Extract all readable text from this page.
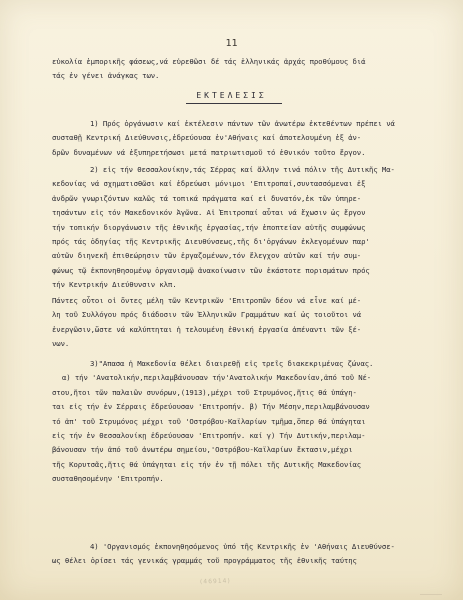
11
εὐκολία ἐμπορικῆς φάσεως,νά εὐρεθῶσι δέ τάς ἑλληνικάς ἀρχάς προθύμους διά
τάς ἐν γένει ἀνάγκας των.
ΕΚΤΕΛΕΣΙΣ
1) Πρός ὀργάνωσιν καί ἐκτέλεσιν πάντων τῶν ἀνωτέρω ἐκτεθέντων πρέπει νά
συσταθῇ Κεντρική Διεύθυνσις,ἐδρεύουσα ἐν'Αθήναις καί ἀποτελουμένη ἐξ ἀν-
δρῶν δυναμένων νά ἐξυπηρετήσωσι μετά πατριωτισμοῦ τό ἐθνικόν τοῦτο ἔργον.
2) εἰς τήν Θεσσαλονίκην,τάς Σέρρας καί ἄλλην τινά πόλιν τῆς Δυτικῆς Μα-
κεδονίας νά σχηματισθῶσι καί ἐδρεύωσι μόνιμοι 'Επιτροπαί,συντασσόμεναι ἐξ
ἀνδρῶν γνωριζόντων καλῶς τά τοπικά πράγματα καί εἰ δυνατόν,ἐκ τῶν ὑπηρε-
τησάντων εἰς τόν Μακεδονικόν Ἀγῶνα. Αἱ Ἐπιτροπαί αὗται νά ἔχωσιν ὡς ἔργον
τήν τοπικήν διοργάνωσιν τῆς ἐθνικῆς ἐργασίας,τήν ἐποπτείαν αὐτῆς συμφώνως
πρός τάς ὁδηγίας τῆς Κεντρικῆς Διευθύνσεως,τῆς δι'ὀργάνων ἐκλεγομένων παρ'
αὐτῶν διηνεκῆ ἐπιθεώρησιν τῶν ἐργαζομένων,τόν ἔλεγχον αὐτῶν καί τήν συμ-
φώνως τῷ ἐκπονηθησομένῳ ὀργανισμῷ ἀνακοίνωσιν τῶν ἑκάστοτε πορισμάτων πρός
τήν Κεντρικήν Διεύθυνσιν κλπ.
Πάντες οὗτοι οἱ ὄντες μέλη τῶν Κεντρικῶν 'Επιτροπῶν δέον νά εἶνε καί μέ-
λη τοῦ Συλλόγου πρός διάδοσιν τῶν Ἑλληνικῶν Γραμμάτων καί ὡς τοιοῦτοι νά
ἐνεργῶσιν,ὥστε νά καλύπτηται ἡ τελουμένη ἐθνική ἐργασία ἀπέναντι τῶν ξέ-
νων.
3)"Απασα ἡ Μακεδονία θέλει διαιρεθῇ εἰς τρεῖς διακεκριμένας ζώνας.
α) τήν 'Ανατολικήν,περιλαμβάνουσαν τήν'Ανατολικήν Μακεδονίαν,ἀπό τοῦ Νέ-
στου,ἤτοι τῶν παλαιῶν συνόρων,(1913),μέχρι τοῦ Στρυμόνος,ἥτις θά ὑπάγη-
ται εἰς τήν ἐν Σέρραις ἐδρεύουσαν 'Επιτροπήν. β) Τήν Μέσην,περιλαμβάνουσαν
τό ἀπ' τοῦ Στρυμόνος μέχρι τοῦ 'Οστρόβου-Καϊλαρίων τμῆμα,ὅπερ θά ὑπάγηται
εἰς τήν ἐν Θεσσαλονίκῃ ἐδρεύουσαν 'Επιτροπήν. καί γ) Τήν Δυτικήν,περιλαμ-
βάνουσαν τήν ἀπό τοῦ ἀνωτέρω σημείου,'Οστρόβου-Καϊλαρίων ἔκτασιν,μέχρι
τῆς Κορυτσᾶς,ἥτις θά ὑπάγηται εἰς τήν ἐν τῇ πόλει τῆς Δυτικῆς Μακεδονίας
συσταθησομένην 'Επιτροπήν.
4) 'Οργανισμός ἐκπονηθησόμενος ὑπό τῆς Κεντρικῆς ἐν 'Αθήναις Διευθύνσε-
ως θέλει ὁρίσει τάς γενικάς γραμμάς τοῦ προγράμματος τῆς ἐθνικῆς ταύτης
(46914)
